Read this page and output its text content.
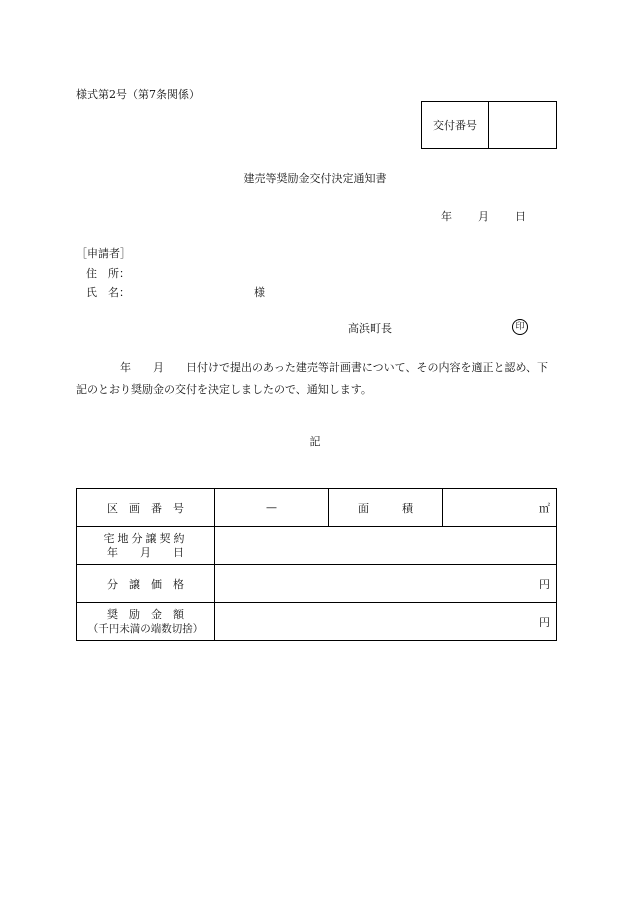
様式第2号（第7条関係）
交付番号
建売等奨励金交付決定通知書
年 月 日
［申請者］
住　所：
氏　名：	様
高浜町長	印
　　　　年　　月　　日付けで提出のあった建売等計画書について、その内容を適正と認め、下記のとおり奨励金の交付を決定しましたので、通知します。
記
区　画　番　号	—	面　　　積	㎡

宅地分譲契約
年　　月　　日			

分　譲　価　格	円		

奨　励　金　額
（千円未満の端数切捨）	円		
